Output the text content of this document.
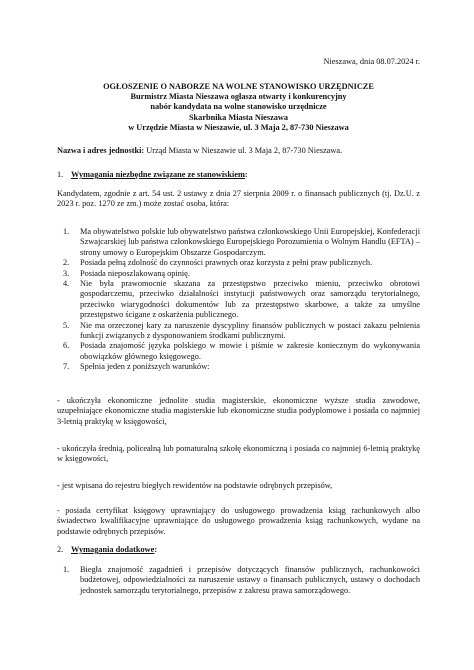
Nieszawa, dnia 08.07.2024 r.
OGŁOSZENIE O NABORZE NA WOLNE STANOWISKO URZĘDNICZE
Burmistrz Miasta Nieszawa ogłasza otwarty i konkurencyjny
nabór kandydata na wolne stanowisko urzędnicze
Skarbnika Miasta Nieszawa
w Urzędzie Miasta w Nieszawie, ul. 3 Maja 2, 87-730 Nieszawa
Nazwa i adres jednostki: Urząd Miasta w Nieszawie ul. 3 Maja 2, 87-730 Nieszawa.
1. Wymagania niezbędne związane ze stanowiskiem:
Kandydatem, zgodnie z art. 54 ust. 2 ustawy z dnia 27 sierpnia 2009 r. o finansach publicznych (tj. Dz.U. z 2023 r. poz. 1270 ze zm.) może zostać osoba, która:
1. Ma obywatelstwo polskie lub obywatelstwo państwa członkowskiego Unii Europejskiej, Konfederacji Szwajcarskiej lub państwa członkowskiego Europejskiego Porozumienia o Wolnym Handlu (EFTA) – strony umowy o Europejskim Obszarze Gospodarczym.
2. Posiada pełną zdolność do czynności prawnych oraz korzysta z pełni praw publicznych.
3. Posiada nieposzlakowaną opinię.
4. Nie była prawomocnie skazana za przestępstwo przeciwko mieniu, przeciwko obrotowi gospodarczemu, przeciwko działalności instytucji państwowych oraz samorządu terytorialnego, przeciwko wiarygodności dokumentów lub za przestępstwo skarbowe, a także za umyślne przestępstwo ścigane z oskarżenia publicznego.
5. Nie ma orzeczonej kary za naruszenie dyscypliny finansów publicznych w postaci zakazu pełnienia funkcji związanych z dysponowaniem środkami publicznymi.
6. Posiada znajomość języka polskiego w mowie i piśmie w zakresie koniecznym do wykonywania obowiązków głównego księgowego.
7. Spełnia jeden z poniższych warunków:
- ukończyła ekonomiczne jednolite studia magisterskie, ekonomiczne wyższe studia zawodowe, uzupełniające ekonomiczne studia magisterskie lub ekonomiczne studia podyplomowe i posiada co najmniej 3-letnią praktykę w księgowości,
- ukończyła średnią, policealną lub pomaturalną szkołę ekonomiczną i posiada co najmniej 6-letnią praktykę w księgowości,
- jest wpisana do rejestru biegłych rewidentów na podstawie odrębnych przepisów,
- posiada certyfikat księgowy uprawniający do usługowego prowadzenia ksiąg rachunkowych albo świadectwo kwalifikacyjne uprawniające do usługowego prowadzenia ksiąg rachunkowych, wydane na podstawie odrębnych przepisów.
2. Wymagania dodatkowe:
1. Biegła znajomość zagadnień i przepisów dotyczących finansów publicznych, rachunkowości budżetowej, odpowiedzialności za naruszenie ustawy o finansach publicznych, ustawy o dochodach jednostek samorządu terytorialnego, przepisów z zakresu prawa samorządowego.
